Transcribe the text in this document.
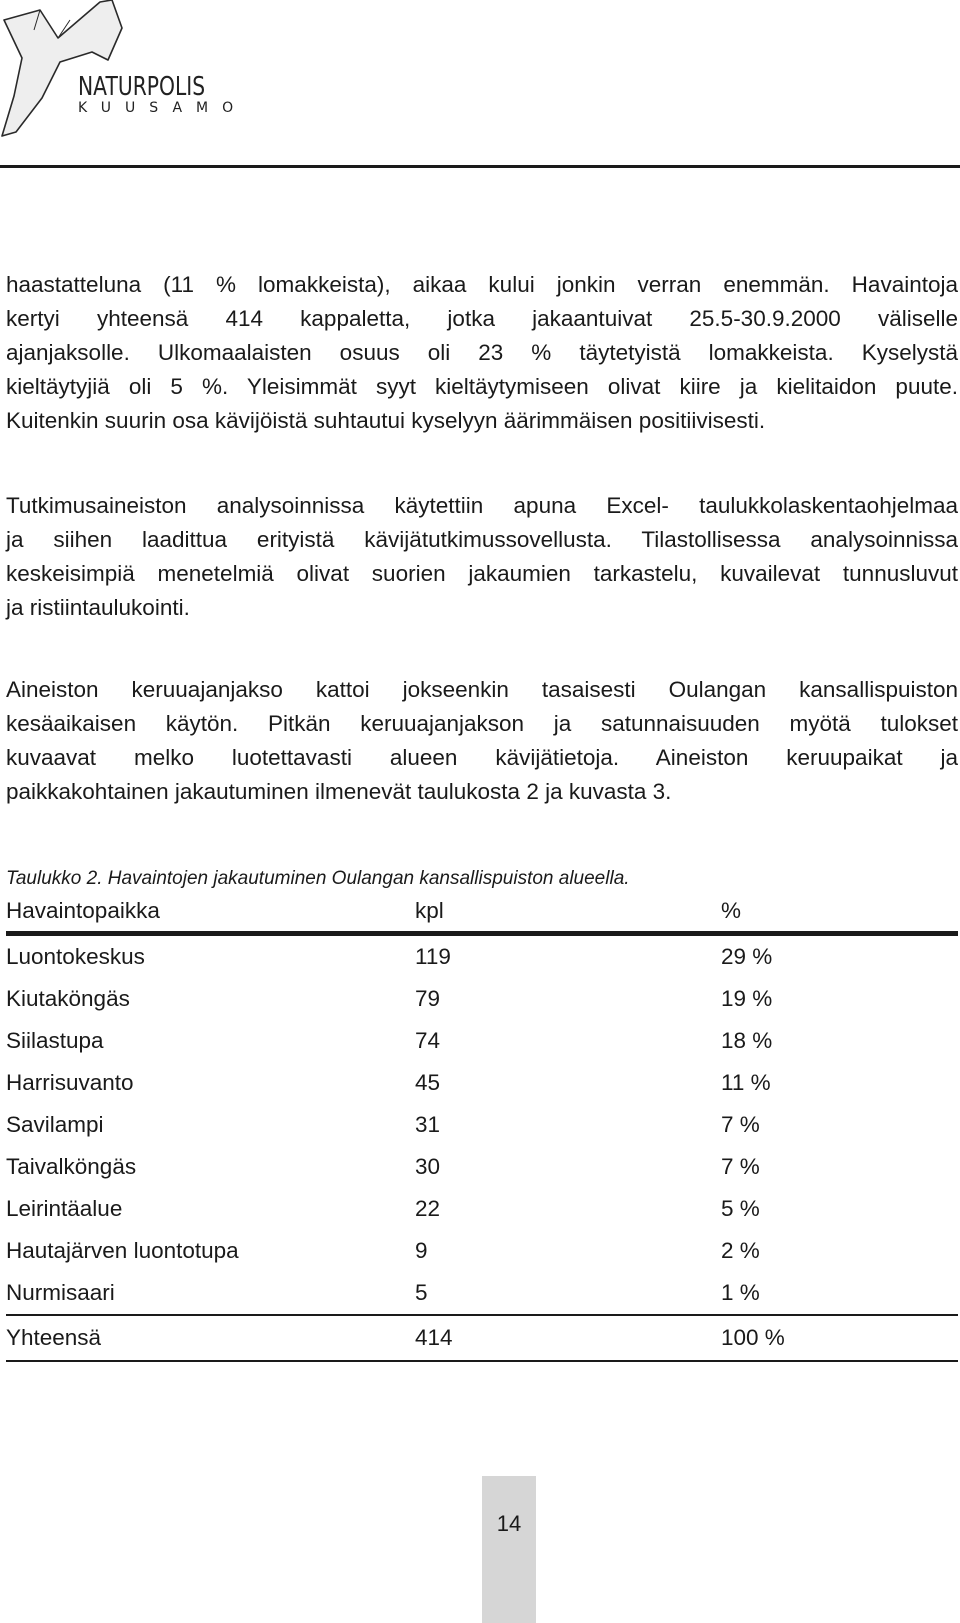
NATURPOLIS
KUUSAMO

haastatteluna (11 % lomakkeista), aikaa kului jonkin verran enemmän. Havaintoja
kertyi yhteensä 414 kappaletta, jotka jakaantuivat 25.5-30.9.2000 väliselle
ajanjaksolle. Ulkomaalaisten osuus oli 23 % täytetyistä lomakkeista. Kyselystä
kieltäytyjiä oli 5 %. Yleisimmät syyt kieltäytymiseen olivat kiire ja kielitaidon puute.
Kuitenkin suurin osa kävijöistä suhtautui kyselyyn äärimmäisen positiivisesti.

Tutkimusaineiston analysoinnissa käytettiin apuna Excel- taulukkolaskentaohjelmaa
ja siihen laadittua erityistä kävijätutkimussovellusta. Tilastollisessa analysoinnissa
keskeisimpiä menetelmiä olivat suorien jakaumien tarkastelu, kuvailevat tunnusluvut
ja ristiintaulukointi.

Aineiston keruuajanjakso kattoi jokseenkin tasaisesti Oulangan kansallispuiston
kesäaikaisen käytön. Pitkän keruuajanjakson ja satunnaisuuden myötä tulokset
kuvaavat melko luotettavasti alueen kävijätietoja. Aineiston keruupaikat ja
paikkakohtainen jakautuminen ilmenevät taulukosta 2 ja kuvasta 3.

Taulukko 2. Havaintojen jakautuminen Oulangan kansallispuiston alueella.

Havaintopaikka	kpl	%
Luontokeskus	119	29 %
Kiutaköngäs	79	19 %
Siilastupa	74	18 %
Harrisuvanto	45	11 %
Savilampi	31	7 %
Taivalköngäs	30	7 %
Leirintäalue	22	5 %
Hautajärven luontotupa	9	2 %
Nurmisaari	5	1 %
Yhteensä	414	100 %
14
